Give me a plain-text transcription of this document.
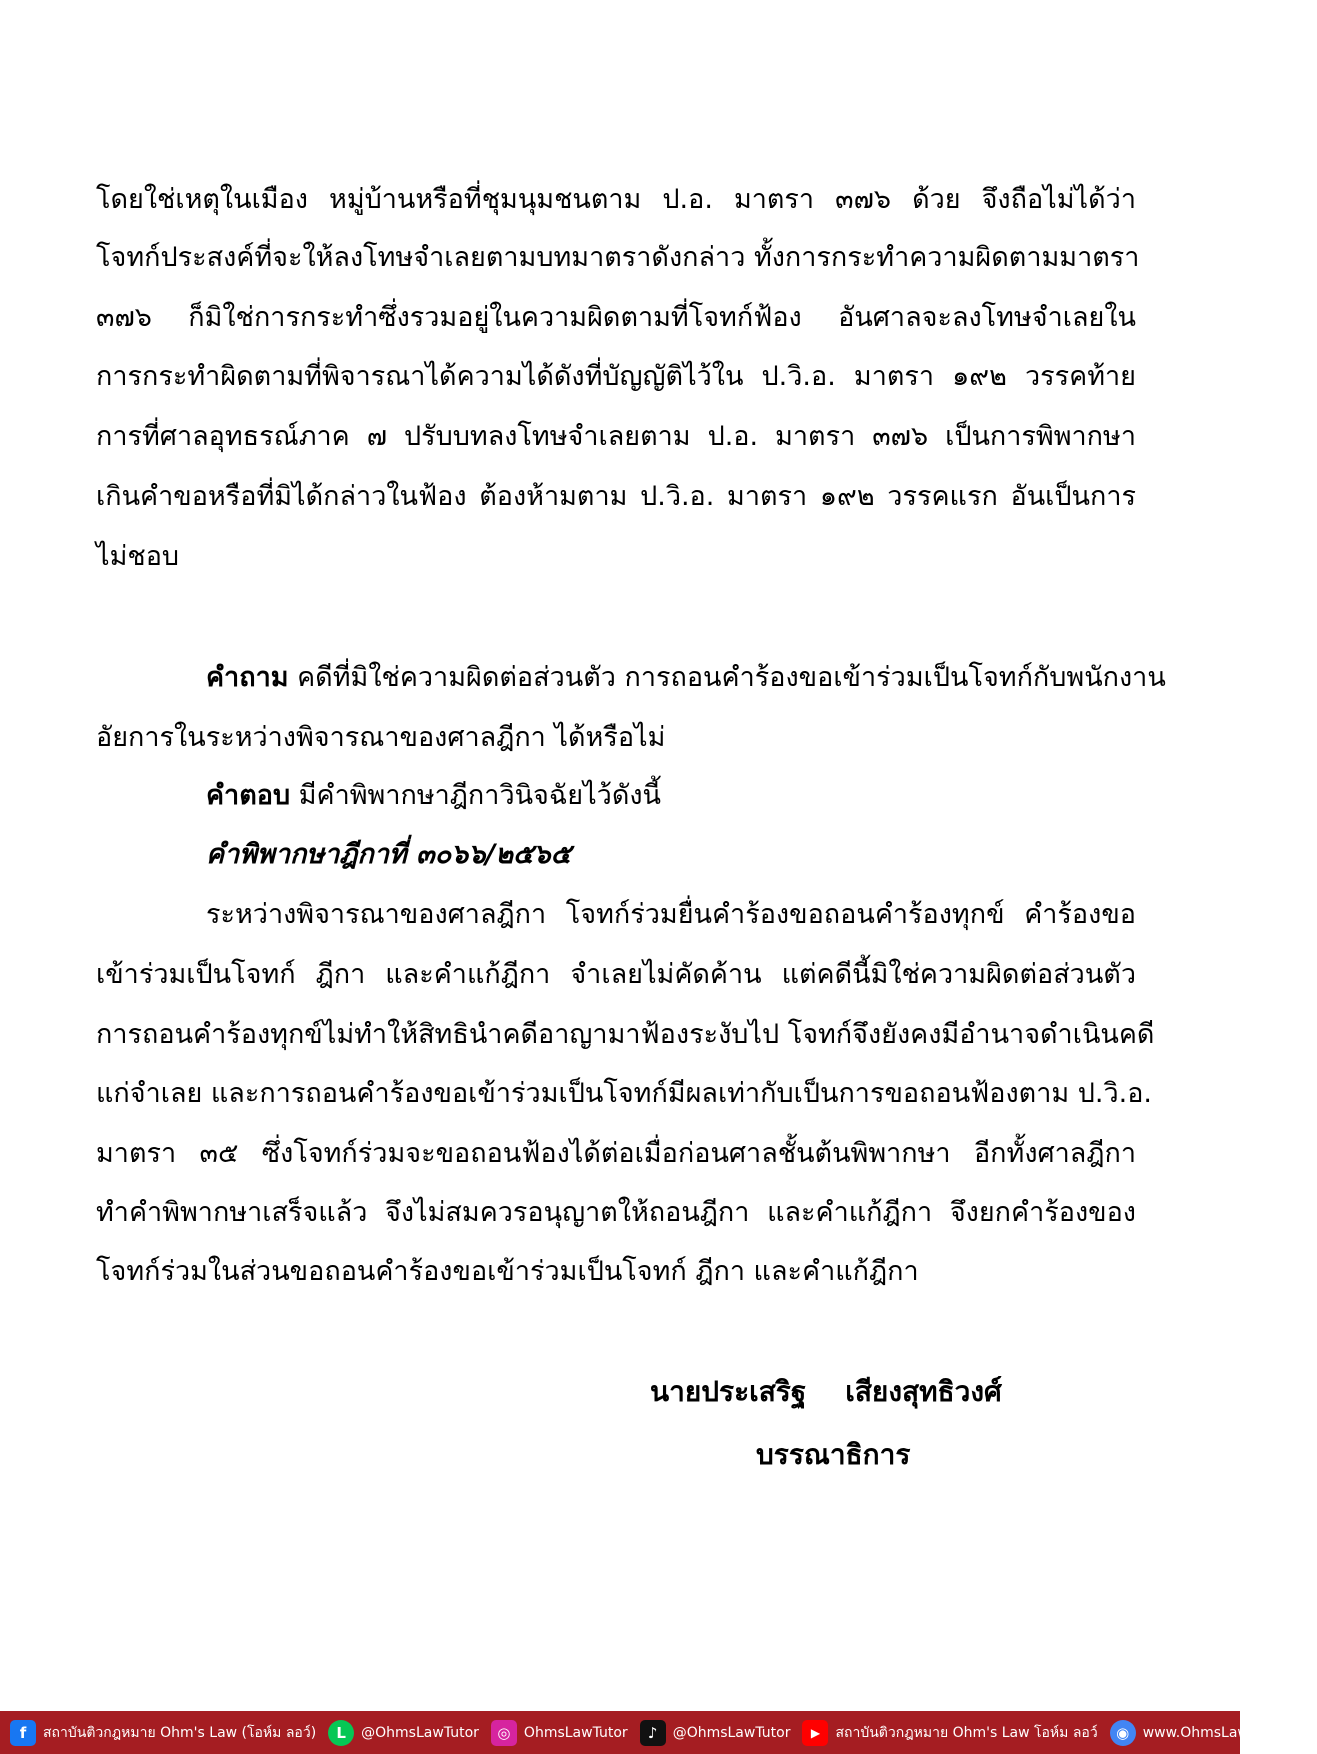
โดยใช่เหตุในเมือง หมู่บ้านหรือที่ชุมนุมชนตาม ป.อ. มาตรา ๓๗๖ ด้วย จึงถือไม่ได้ว่า
โจทก์ประสงค์ที่จะให้ลงโทษจำเลยตามบทมาตราดังกล่าว ทั้งการกระทำความผิดตามมาตรา
๓๗๖ ก็มิใช่การกระทำซึ่งรวมอยู่ในความผิดตามที่โจทก์ฟ้อง อันศาลจะลงโทษจำเลยใน
การกระทำผิดตามที่พิจารณาได้ความได้ดังที่บัญญัติไว้ใน ป.วิ.อ. มาตรา ๑๙๒ วรรคท้าย
การที่ศาลอุทธรณ์ภาค ๗ ปรับบทลงโทษจำเลยตาม ป.อ. มาตรา ๓๗๖ เป็นการพิพากษา
เกินคำขอหรือที่มิได้กล่าวในฟ้อง ต้องห้ามตาม ป.วิ.อ. มาตรา ๑๙๒ วรรคแรก อันเป็นการ
ไม่ชอบ
คำถาม คดีที่มิใช่ความผิดต่อส่วนตัว การถอนคำร้องขอเข้าร่วมเป็นโจทก์กับพนักงาน
อัยการในระหว่างพิจารณาของศาลฎีกา ได้หรือไม่
คำตอบ มีคำพิพากษาฎีกาวินิจฉัยไว้ดังนี้
คำพิพากษาฎีกาที่ ๓๐๖๖/๒๕๖๕
ระหว่างพิจารณาของศาลฎีกา โจทก์ร่วมยื่นคำร้องขอถอนคำร้องทุกข์ คำร้องขอ
เข้าร่วมเป็นโจทก์ ฎีกา และคำแก้ฎีกา จำเลยไม่คัดค้าน แต่คดีนี้มิใช่ความผิดต่อส่วนตัว
การถอนคำร้องทุกข์ไม่ทำให้สิทธินำคดีอาญามาฟ้องระงับไป โจทก์จึงยังคงมีอำนาจดำเนินคดี
แก่จำเลย และการถอนคำร้องขอเข้าร่วมเป็นโจทก์มีผลเท่ากับเป็นการขอถอนฟ้องตาม ป.วิ.อ.
มาตรา ๓๕ ซึ่งโจทก์ร่วมจะขอถอนฟ้องได้ต่อเมื่อก่อนศาลชั้นต้นพิพากษา อีกทั้งศาลฎีกา
ทำคำพิพากษาเสร็จแล้ว จึงไม่สมควรอนุญาตให้ถอนฎีกา และคำแก้ฎีกา จึงยกคำร้องของ
โจทก์ร่วมในส่วนขอถอนคำร้องขอเข้าร่วมเป็นโจทก์ ฎีกา และคำแก้ฎีกา
นายประเสริฐ    เสียงสุทธิวงศ์
บรรณาธิการ
f	สถาบันติวกฎหมาย Ohm's Law (โอห์ม ลอว์)	L	@OhmsLawTutor	◎ OhmsLawTutor	♪	@OhmsLawTutor	▶	สถาบันติวกฎหมาย Ohm's Law โอห์ม ลอว์	◉ www.OhmsLawTutor.com
